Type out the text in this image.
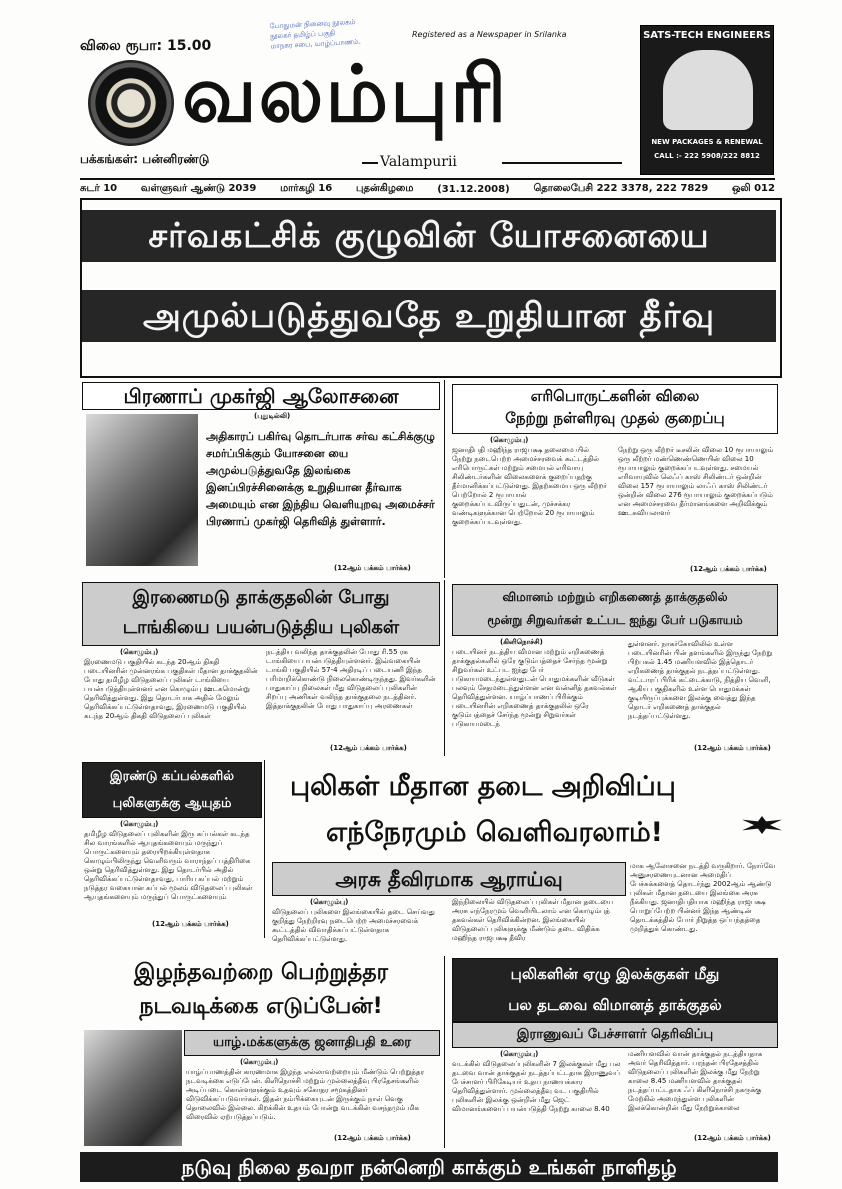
போதுமன் நினைவு நூலகம்
நூலகர் தமிழ்ப் பகுதி
மாநகர சபை, யாழ்ப்பாணம்.
விலை ரூபா: 15.00
Registered as a Newspaper in Srilanka
வலம்புரி
SATS-TECH ENGINEERS
NEW PACKAGES & RENEWAL
CALL :- 222 5908/222 8812
பக்கங்கள்: பன்னிரண்டு	Valampurii
சுடர் 10 வள்ளுவர் ஆண்டு 2039 மார்கழி 16 புதன்கிழமை (31.12.2008) தொலைபேசி 222 3378, 222 7829 ஒலி 012
சர்வகட்சிக் குழுவின் யோசனையை
அமுல்படுத்துவதே உறுதியான தீர்வு
பிரணாப் முகர்ஜி ஆலோசனை
(புதுடில்லி)
அதிகாரப் பகிர்வு தொடர்பாக சர்வ கட்சிக்குழு சமர்ப்பிக்கும் யோசனை யை அமுல்படுத்துவதே இலங்கை இனப்பிரச்சினைக்கு உறுதியான தீர்வாக அமையும் என இந்திய வெளியுறவு அமைச்சர் பிரணாப் முகர்ஜி தெரிவித் துள்ளார்.
(12ஆம் பக்கம் பார்க்க)
எரிபொருட்களின் விலை
நேற்று நள்ளிரவு முதல் குறைப்பு
(கொழும்பு)
ஜனாதிபதி மஹிந்த ராஜபக்ஷ தலைமை யில் நேற்று நடைபெற்ற அமைச்சரவைக் கூட்டத்தில் எரிபொருட்கள் மற்றும் சமையல் எரிவாயு சிலிண்டர்களின் விலைகளைக் குறைப்பதற்கு தீர்மானிக்கப்பட்டுள்ளது. இதற்கமைய ஒரு லீற்றர் பெற்றோல் 2 ரூபாயால் குறைக்கப்படவிருப்பதுடன், முச்சக்கர வண்டிகளுக்கான பெற்றோல் 20 ரூபாயாலும் குறைக்கப்படவுள்ளது.
நேற்று ஒரு லீற்றர் டீசலின் விலை 10 ரூபாயாலும் ஒரு லீற்றர் மண்ணெண்ணெயின் விலை 10 ரூபாயாலும் குறைக்கப்படவுள்ளது. சமையல் எரிவாயுவில் லெஃப் காஸ் சிலிண்டர் ஒன்றின் விலை 157 ரூபாயாலும் லாஃப் காஸ் சிலிண்டர் ஒன்றின் விலை 276 ரூபாயாலும் குறைக்கப்படும் என அமைச்சரவை தீர்மானங்களை அறிவிக்கும் ஊடகவியலாளர்
(12ஆம் பக்கம் பார்க்க)
இரணைமடு தாக்குதலின் போது
டாங்கியை பயன்படுத்திய புலிகள்
(கொழும்பு)
இரணைமடு பகுதியில் கடந்த 20ஆம் திகதி படையினரின் முன்னரங்க பகுதிகள் மீதான தாக்குதலின் போது தமிழீழ விடுதலைப் புலிகள் டாங்கியை பயன்படுத்தியுள்ளனர் என கொழும்பு ஊடகமொன்று தெரிவித்துள்ளது. இது தொடர்பாக அதில் மேலும் தெரிவிக்கப்பட்டுள்ளதாவது, இரணைமடு பகுதியில் கடந்த 20ஆம் திகதி விடுதலைப் புலிகள்
நடத்திய வலிந்த தாக்குதலின் போது ரி.55 ரக டாங்கியை பயன்படுத்தியுள்ளனர். இவ்வகையின் டாங்கி பகுதியில் 57-4 அதிரடிப் படையணி இந்த பரிமாறிக்கொண்டு நிலைகொண்டிருந்தது. இவர்களின் பாதுகாப்பு நிலைகள் மீது விடுதலைப் புலிகளின் சிறப்பு அணிகள் வலிந்த தாக்குதலை நடத்தினர். இத்தாக்குதலின் போது பாதுகாப்பு அரணைகள்
(12ஆம் பக்கம் பார்க்க)
விமானம் மற்றும் எறிகணைத் தாக்குதலில்
மூன்று சிறுவர்கள் உட்பட ஐந்து பேர் படுகாயம்
(கிளிநொச்சி)
படையினர் நடத்திய விமான மற்றும் எறிகணைத் தாக்குதல்களில் ஒரே குடும்பத்தைச் சேர்ந்த மூன்று சிறுவர்கள் உட்பட ஐந்து பேர் படுகாயமடைந்துள்ளதுடன் பொதுமக்களின் வீடுகள் பலவும் சேதமடைந்துள்ளன என வன்னித் தகவல்கள் தெரிவித்துள்ளன. யாழ்ப்பாணப் பிரிக்கும் படையினரின் எறிகணைத் தாக்குதலில் ஒரே குடும்பத்தைச் சேர்ந்த மூன்று சிறுவர்கள் படுகாயமடைந்
துள்ளனர். நாகர்கோவிலில் உள்ள படையினரின் பின் தளங்களில் இருந்து நேற்று பிற்பகல் 1.45 மணியளவில் இத்தொடர் எறிகணைத் தாக்குதல் நடத்தப்பட்டுள்ளது. வட்டாரப் பிரிக் கட்டைக்காடு, நித்திய வெளி, ஆகிய பகுதிகளில் உள்ள பொதுமக்கள் குடியிருப்புக்களை இலக்கு வைத்து இந்த தொடர் எறிகணைத் தாக்குதல் நடத்தப்பட்டுள்ளது.
(12ஆம் பக்கம் பார்க்க)
இரண்டு கப்பல்களில்
புலிகளுக்கு ஆயுதம்
(கொழும்பு)
தமிழீழ விடுதலைப் புலிகளின் இரு கப்பல்கள் கடந்த சில வாரங்களில் ஆயுதங்களையும் மருந்துப் பொருட்களையும் தரையிறக்கியுள்ளதாக கொழும்பிலிருந்து வெளிவரும் வாராந்தப் பத்திரிகை ஒன்று தெரிவித்துள்ளது. இது தொடர்பில் அதில் தெரிவிக்கப்பட்டுள்ளதாவது, பாரிய கப்பல் மற்றும் நடுத்தர வகையான கப்பல் மூலம் விடுதலைப் புலிகள் ஆயுதங்களையும் மருந்துப் பொருட்களையும்
(12ஆம் பக்கம் பார்க்க)
புலிகள் மீதான தடை அறிவிப்பு
எந்நேரமும் வெளிவரலாம்!
அரசு தீவிரமாக ஆராய்வு
மாக ஆலோசனை நடத்தி வருகிறார். நோர்வே அனுசரணையுடனான அமைதிப் பேச்சுக்களைத் தொடர்ந்து 2002ஆம் ஆண்டு புலிகள் மீதான தடையை இலங்கை அரசு நீக்கியது. ஜனாதிபதியாக மஹிந்த ராஜபக்ஷ பொறுப்பேற்ற பின்னர் இந்த ஆண்டின் தொடக்கத்தில் போர் நிறுத்த ஒப்பந்தத்தை முறித்துக் கொண்டது.
(கொழும்பு)
விடுதலைப் புலிகளை இலங்கையில் தடை செய்வது குறித்து நேற்றிரவு நடைபெற்ற அமைச்சரவைக் கூட்டத்தில் விவாதிக்கப்பட்டுள்ளதாக தெரிவிக்கப்பட்டுள்ளது.
இந்நிலையில் விடுதலைப் புலிகள் மீதான தடையை அரசு எந்நேரமும் வெளியிடலாம் என கொழும்புத் தகவல்கள் தெரிவிக்கின்றன. இலங்கையில் விடுதலைப் புலிகளுக்கு மீண்டும் தடை விதிக்க மஹிந்த ராஜபக்ஷ தீவிர
இழந்தவற்றை பெற்றுத்தர
நடவடிக்கை எடுப்பேன்!
யாழ்.மக்களுக்கு ஜனாதிபதி உரை
(கொழும்பு)
யாழ்ப்பாணத்தின் காரணமாக இழந்த எல்லாவற்றையும் மீண்டும் பெற்றுத்தர நடவடிக்கை எடுப்பேன். கிளிநொச்சி மற்றும் முல்லைத்தீவு பிரதேசங்களில் அடிப்படை கொள்ளளுக்கும் உதவும் சகோதர சமூகத்தினர் விடுவிக்கப்படுவார்கள். இதன் நம்பிக்கையுடன் இருக்கும் நாள் வெகு தொலைவில் இல்லை. கிறக்கின் உதயம் போன்று வடக்கின் வசந்தமும் மிக விரைவில் ஏற்படுத்தப்படும்.
(12ஆம் பக்கம் பார்க்க)
புலிகளின் ஏழு இலக்குகள் மீது
பல தடவை விமானத் தாக்குதல்
இராணுவப் பேச்சாளர் தெரிவிப்பு
(கொழும்பு)
வடக்கில் விடுதலைப்புலிகளின் 7 இலக்குகள் மீது பல தடவை வான் தாக்குதல் நடத்தப்பட்டதாக இராணுவப் பேச்சாளர் பிரிகேடியர் உதய நாணயக்கார தெரிவித்துள்ளார். முல்லைத்தீவு வட பகுதியில் புலிகளின் இலக்கு ஒன்றின் மீது ஜெட் விமானங்களைப் பயன்படுத்தி நேற்று காலை 8.40
மணியளவில் வான் தாக்குதல் நடத்தியதாக அவர் தெரிவித்தார். பரந்தன் பிரதேசத்தில் விடுதலைப் புலிகளின் இலக்கு மீது நேற்று காலை 8.45 மணியளவில் தாக்குதல் நடத்தப்பட்டதாக ஃப் கிளிநொச்சி நகருக்கு மேற்கில் அமைந்துள்ள புலிகளின் இலக்கொன்றின் மீது நேற்றுக்காலை
(12ஆம் பக்கம் பார்க்க)
நடுவு நிலை தவறா நன்னெறி காக்கும் உங்கள் நாளிதழ்
